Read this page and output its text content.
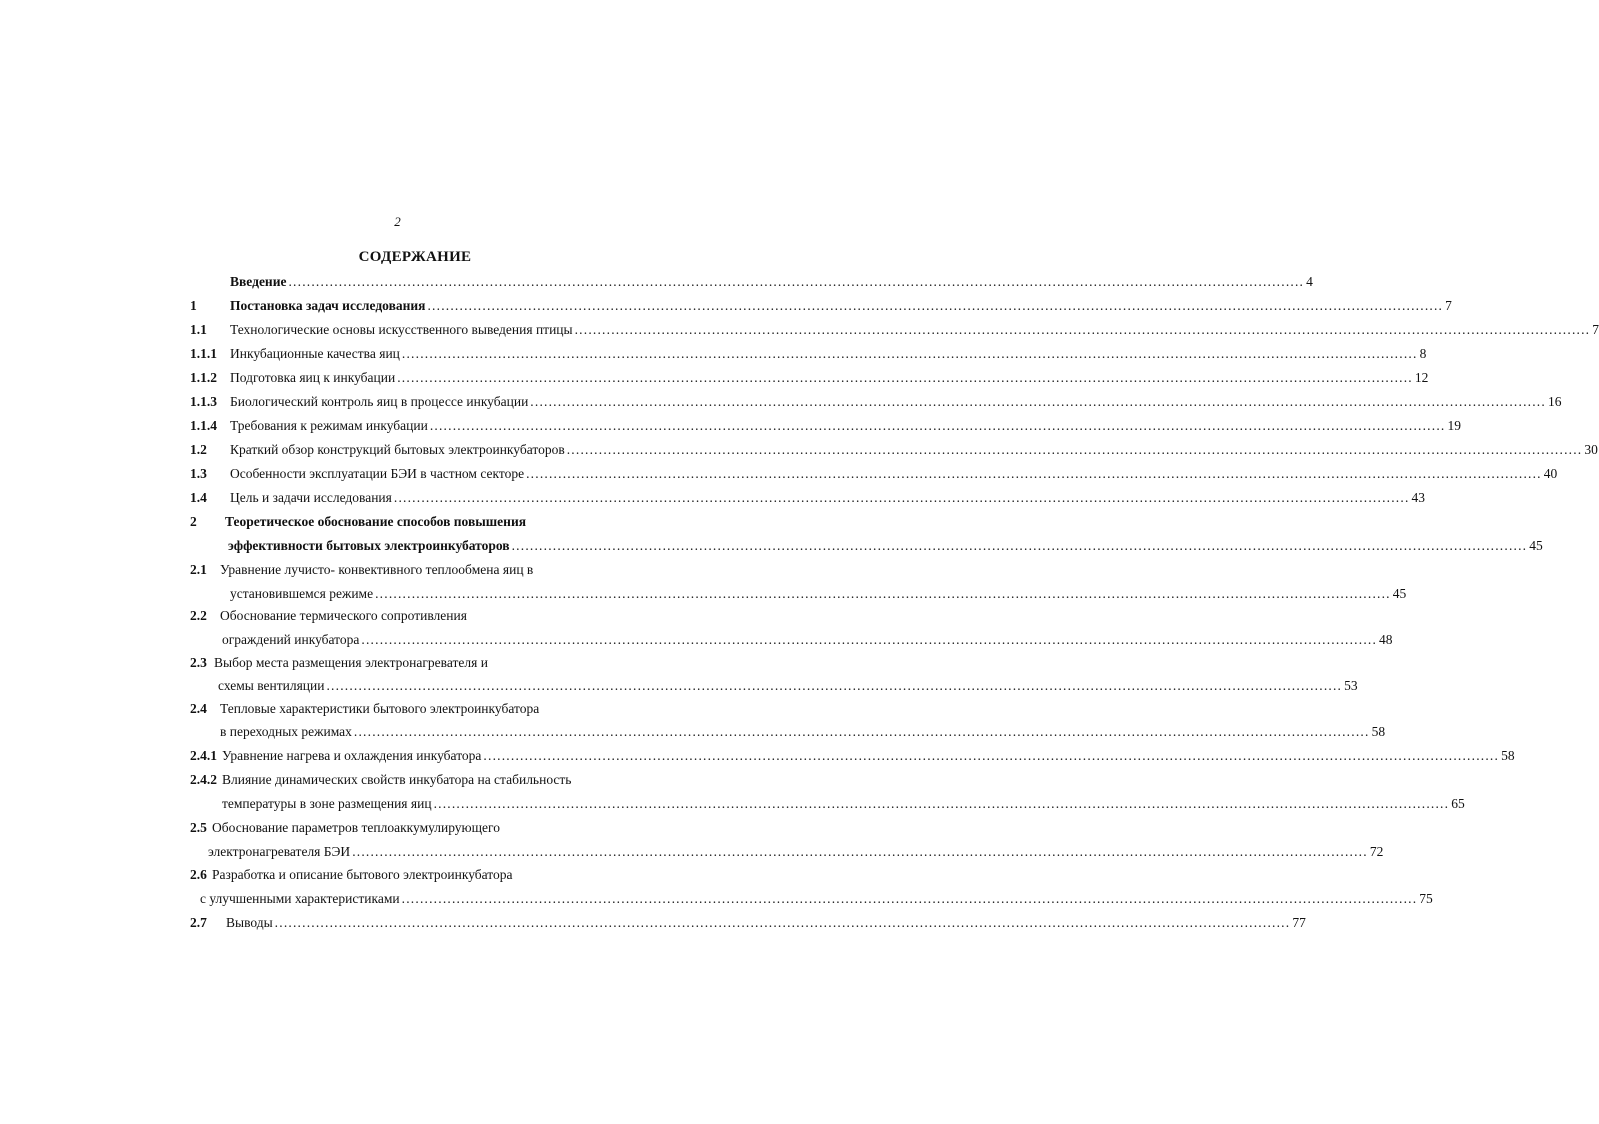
2
СОДЕРЖАНИЕ
Введение .............................................................................................................................................................................................................................. 4
1 Постановка задач исследования .............................................................................................................................................................................................................................. 7
1.1 Технологические основы искусственного выведения птицы .............................................................................................................................................................................................................................. 7
1.1.1 Инкубационные качества яиц .............................................................................................................................................................................................................................. 8
1.1.2 Подготовка яиц к инкубации .............................................................................................................................................................................................................................. 12
1.1.3 Биологический контроль яиц в процессе инкубации .............................................................................................................................................................................................................................. 16
1.1.4 Требования к режимам инкубации .............................................................................................................................................................................................................................. 19
1.2 Краткий обзор конструкций бытовых электроинкубаторов .............................................................................................................................................................................................................................. 30
1.3 Особенности эксплуатации БЭИ в частном секторе .............................................................................................................................................................................................................................. 40
1.4 Цель и задачи исследования .............................................................................................................................................................................................................................. 43
2 Теоретическое обоснование способов повышения
эффективности бытовых электроинкубаторов .............................................................................................................................................................................................................................. 45
2.1 Уравнение лучисто- конвективного теплообмена яиц в
установившемся режиме .............................................................................................................................................................................................................................. 45
2.2 Обоснование термического сопротивления
ограждений инкубатора .............................................................................................................................................................................................................................. 48
2.3 Выбор места размещения электронагревателя и
схемы вентиляции .............................................................................................................................................................................................................................. 53
2.4 Тепловые характеристики бытового электроинкубатора
в переходных режимах .............................................................................................................................................................................................................................. 58
2.4.1 Уравнение нагрева и охлаждения инкубатора .............................................................................................................................................................................................................................. 58
2.4.2 Влияние динамических свойств инкубатора на стабильность
температуры в зоне размещения яиц .............................................................................................................................................................................................................................. 65
2.5 Обоснование параметров теплоаккумулирующего
электронагревателя БЭИ .............................................................................................................................................................................................................................. 72
2.6 Разработка и описание бытового электроинкубатора
с улучшенными характеристиками .............................................................................................................................................................................................................................. 75
2.7 Выводы .............................................................................................................................................................................................................................. 77
